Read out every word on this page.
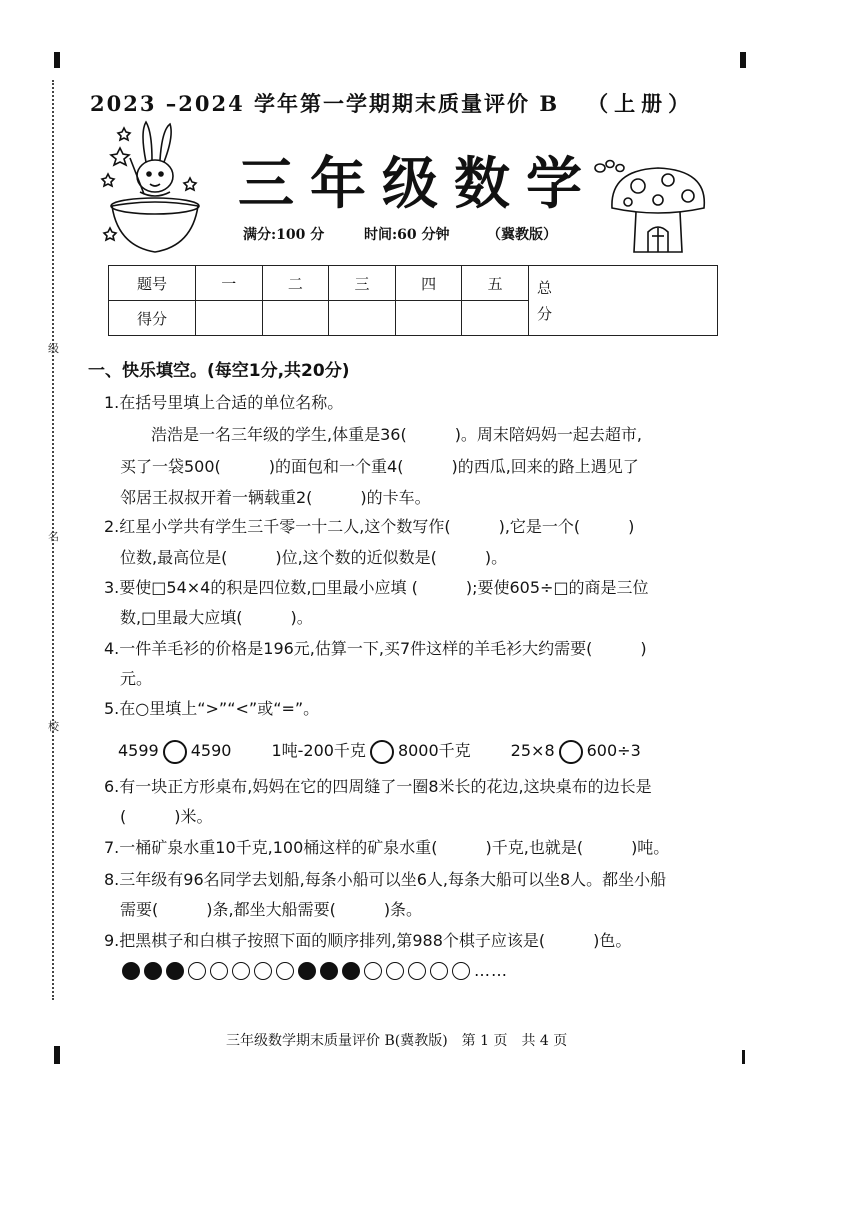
级
名
校
2023 –2024 学年第一学期期末质量评价 B （上册）
三年级数学
满分:100 分	时间:60 分钟	（冀教版）
题号	一	二	三	四	五	总
分
得分						
一、快乐填空。(每空1分,共20分)
1.在括号里填上合适的单位名称。
浩浩是一名三年级的学生,体重是36(　　　)。周末陪妈妈一起去超市,
买了一袋500(　　　)的面包和一个重4(　　　)的西瓜,回来的路上遇见了
邻居王叔叔开着一辆载重2(　　　)的卡车。
2.红星小学共有学生三千零一十二人,这个数写作(　　　),它是一个(　　　)
位数,最高位是(　　　)位,这个数的近似数是(　　　)。
3.要使□54×4的积是四位数,□里最小应填 (　　　);要使605÷□的商是三位
数,□里最大应填(　　　)。
4.一件羊毛衫的价格是196元,估算一下,买7件这样的羊毛衫大约需要(　　　)
元。
5.在○里填上“>”“<”或“=”。
4599 4590	1吨-200千克 8000千克	25×8 600÷3
6.有一块正方形桌布,妈妈在它的四周缝了一圈8米长的花边,这块桌布的边长是
(　　　)米。
7.一桶矿泉水重10千克,100桶这样的矿泉水重(　　　)千克,也就是(　　　)吨。
8.三年级有96名同学去划船,每条小船可以坐6人,每条大船可以坐8人。都坐小船
需要(　　　)条,都坐大船需要(　　　)条。
9.把黑棋子和白棋子按照下面的顺序排列,第988个棋子应该是(　　　)色。
……
三年级数学期末质量评价 B(冀教版)　第 1 页　共 4 页
